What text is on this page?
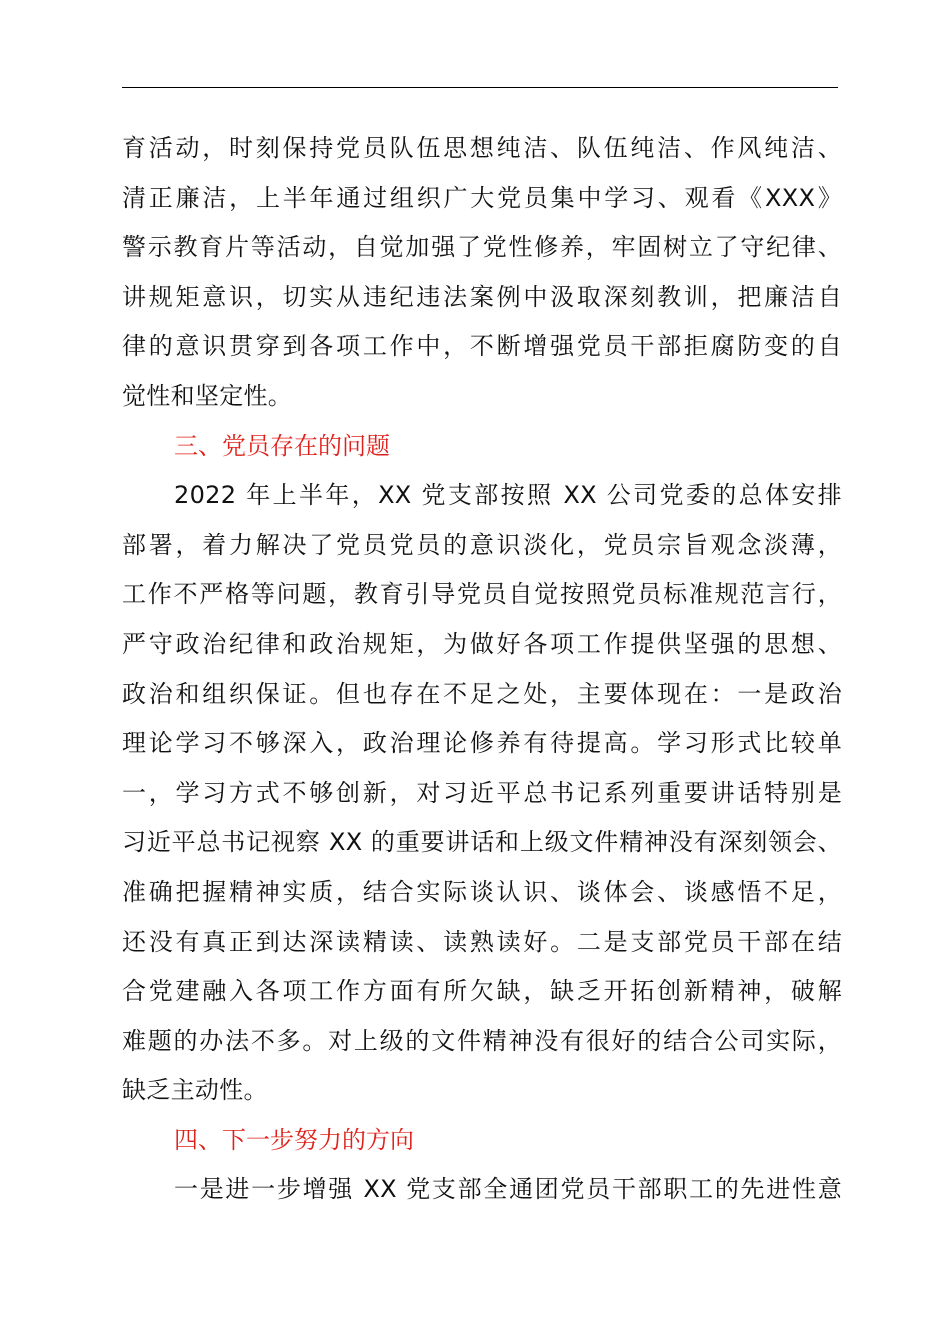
育活动，时刻保持党员队伍思想纯洁、队伍纯洁、作风纯洁、
清正廉洁，上半年通过组织广大党员集中学习、观看《XXX》
警示教育片等活动，自觉加强了党性修养，牢固树立了守纪律、
讲规矩意识，切实从违纪违法案例中汲取深刻教训，把廉洁自
律的意识贯穿到各项工作中，不断增强党员干部拒腐防变的自
觉性和坚定性。
三、党员存在的问题
2022 年上半年，XX 党支部按照 XX 公司党委的总体安排
部署，着力解决了党员党员的意识淡化，党员宗旨观念淡薄，
工作不严格等问题，教育引导党员自觉按照党员标准规范言行，
严守政治纪律和政治规矩，为做好各项工作提供坚强的思想、
政治和组织保证。但也存在不足之处，主要体现在：一是政治
理论学习不够深入，政治理论修养有待提高。学习形式比较单
一，学习方式不够创新，对习近平总书记系列重要讲话特别是
习近平总书记视察 XX 的重要讲话和上级文件精神没有深刻领会、
准确把握精神实质，结合实际谈认识、谈体会、谈感悟不足，
还没有真正到达深读精读、读熟读好。二是支部党员干部在结
合党建融入各项工作方面有所欠缺，缺乏开拓创新精神，破解
难题的办法不多。对上级的文件精神没有很好的结合公司实际，
缺乏主动性。
四、下一步努力的方向
一是进一步增强 XX 党支部全通团党员干部职工的先进性意
